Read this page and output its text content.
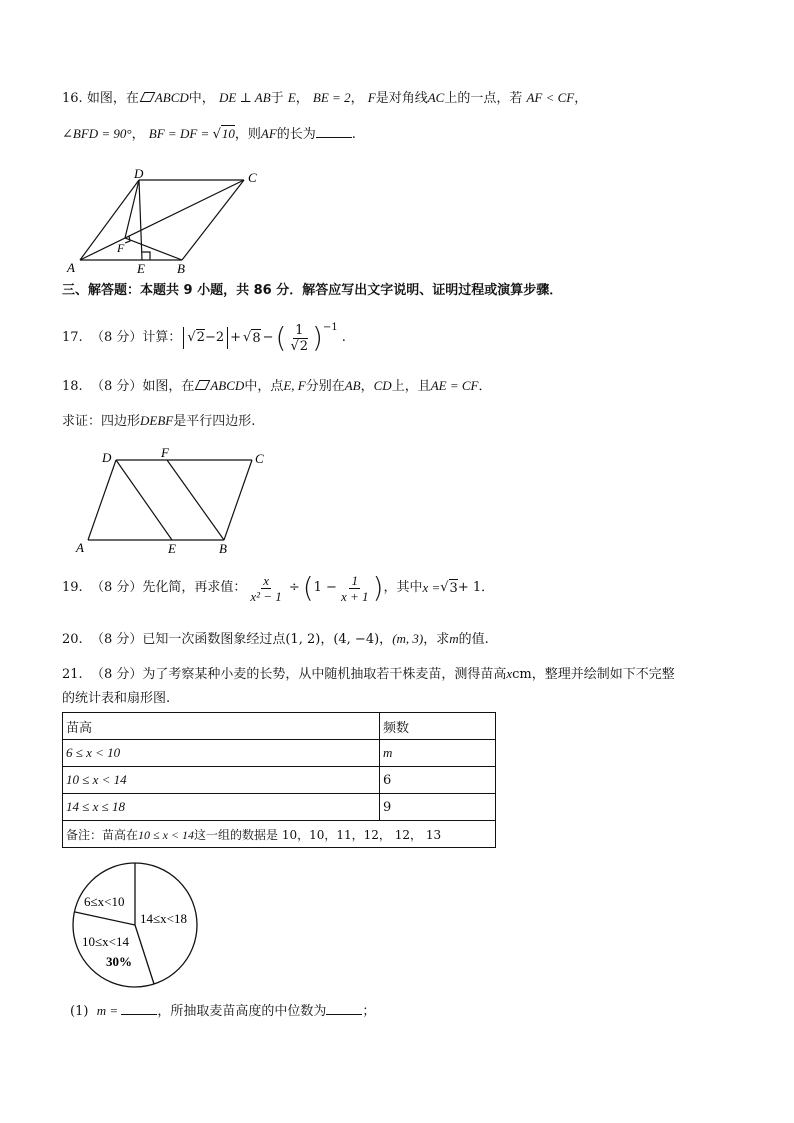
16. 如图，在 ABCD中， DE ⊥ AB于 E， BE = 2， F是对角线AC上的一点，若 AF < CF，
∠BFD = 90°， BF = DF = √10，则AF的长为	.
D	C
F
A	E B
三、解答题：本题共 9 小题，共 86 分．解答应写出文字说明、证明过程或演算步骤．
17.
（8 分）计算： √2−2 + √ 8 − ( $\frac{1}{√2} )^{-1}$
.
18. （8 分）如图，在 ABCD中，点E, F分别在AB，CD上，且AE = CF．
求证：四边形DEBF是平行四边形.
D	F	C
A	E	B
19.
（8 分）先化简，再求值： $\frac{x}{\text{x² − 1}}$ ÷ ( $1 - \frac{1}{x + 1}$ ) ，其中 x = √ 3 + 1．
20. （8 分）已知一次函数图象经过点(1, 2)，(4, −4)，(m, 3)，求m的值.
21. （8 分）为了考察某种小麦的长势，从中随机抽取若干株麦苗，测得苗高xcm，整理并绘制如下不完整
的统计表和扇形图.
苗高	频数
6 ≤ x < 10	m
10 ≤ x < 14	6
14 ≤ x ≤ 18	9
备注：苗高在10 ≤ x < 14这一组的数据是 10，10，11，12， 12， 13	
6≤x<10
14≤x<18
10≤x<14
30%
(1) m =	，所抽取麦苗高度的中位数为	；
